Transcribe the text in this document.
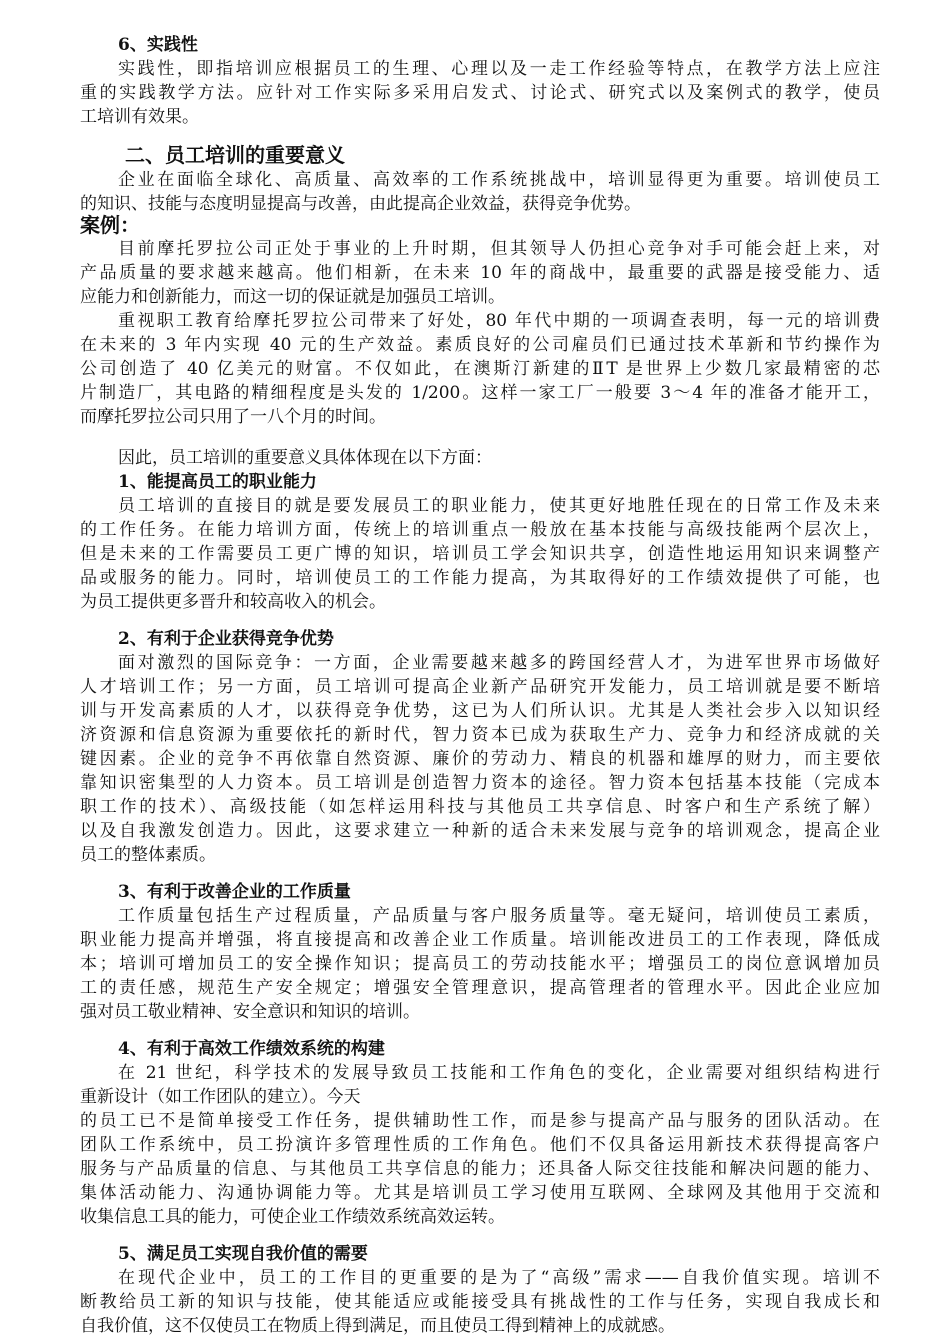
6、实践性
实践性，即指培训应根据员工的生理、心理以及一走工作经验等特点，在教学方法上应注
重的实践教学方法。应针对工作实际多采用启发式、讨论式、研究式以及案例式的教学，使员
工培训有效果。
二、员工培训的重要意义
企业在面临全球化、高质量、高效率的工作系统挑战中，培训显得更为重要。培训使员工
的知识、技能与态度明显提高与改善，由此提高企业效益，获得竞争优势。
案例：
目前摩托罗拉公司正处于事业的上升时期，但其领导人仍担心竞争对手可能会赶上来，对
产品质量的要求越来越高。他们相新，在未来 10 年的商战中，最重要的武器是接受能力、适
应能力和创新能力，而这一切的保证就是加强员工培训。
重视职工教育给摩托罗拉公司带来了好处，80 年代中期的一项调查表明，每一元的培训费
在未来的 3 年内实现 40 元的生产效益。素质良好的公司雇员们已通过技术革新和节约操作为
公司创造了 40 亿美元的财富。不仅如此，在澳斯汀新建的ⅡT 是世界上少数几家最精密的芯
片制造厂，其电路的精细程度是头发的 1/200。这样一家工厂一般要 3～4 年的准备才能开工，
而摩托罗拉公司只用了一八个月的时间。
因此，员工培训的重要意义具体体现在以下方面：
1、能提高员工的职业能力
员工培训的直接目的就是要发展员工的职业能力，使其更好地胜任现在的日常工作及未来
的工作任务。在能力培训方面，传统上的培训重点一般放在基本技能与高级技能两个层次上，
但是未来的工作需要员工更广博的知识，培训员工学会知识共享，创造性地运用知识来调整产
品或服务的能力。同时，培训使员工的工作能力提高，为其取得好的工作绩效提供了可能，也
为员工提供更多晋升和较高收入的机会。
2、有利于企业获得竞争优势
面对激烈的国际竞争：一方面，企业需要越来越多的跨国经营人才，为进军世界市场做好
人才培训工作；另一方面，员工培训可提高企业新产品研究开发能力，员工培训就是要不断培
训与开发高素质的人才，以获得竞争优势，这已为人们所认识。尤其是人类社会步入以知识经
济资源和信息资源为重要依托的新时代，智力资本已成为获取生产力、竞争力和经济成就的关
键因素。企业的竞争不再依靠自然资源、廉价的劳动力、精良的机器和雄厚的财力，而主要依
靠知识密集型的人力资本。员工培训是创造智力资本的途径。智力资本包括基本技能（完成本
职工作的技术）、高级技能（如怎样运用科技与其他员工共享信息、时客户和生产系统了解）
以及自我激发创造力。因此，这要求建立一种新的适合未来发展与竞争的培训观念，提高企业
员工的整体素质。
3、有利于改善企业的工作质量
工作质量包括生产过程质量，产品质量与客户服务质量等。毫无疑问，培训使员工素质，
职业能力提高并增强，将直接提高和改善企业工作质量。培训能改进员工的工作表现，降低成
本；培训可增加员工的安全操作知识；提高员工的劳动技能水平；增强员工的岗位意讽增加员
工的责任感，规范生产安全规定；增强安全管理意识，提高管理者的管理水平。因此企业应加
强对员工敬业精神、安全意识和知识的培训。
4、有利于高效工作绩效系统的构建
在 21 世纪，科学技术的发展导致员工技能和工作角色的变化，企业需要对组织结构进行
重新设计（如工作团队的建立）。今天
的员工已不是简单接受工作任务，提供辅助性工作，而是参与提高产品与服务的团队活动。在
团队工作系统中，员工扮演许多管理性质的工作角色。他们不仅具备运用新技术获得提高客户
服务与产品质量的信息、与其他员工共享信息的能力；还具备人际交往技能和解决问题的能力、
集体活动能力、沟通协调能力等。尤其是培训员工学习使用互联网、全球网及其他用于交流和
收集信息工具的能力，可使企业工作绩效系统高效运转。
5、满足员工实现自我价值的需要
在现代企业中，员工的工作目的更重要的是为了“高级”需求——自我价值实现。培训不
断教给员工新的知识与技能，使其能适应或能接受具有挑战性的工作与任务，实现自我成长和
自我价值，这不仅使员工在物质上得到满足，而且使员工得到精神上的成就感。
